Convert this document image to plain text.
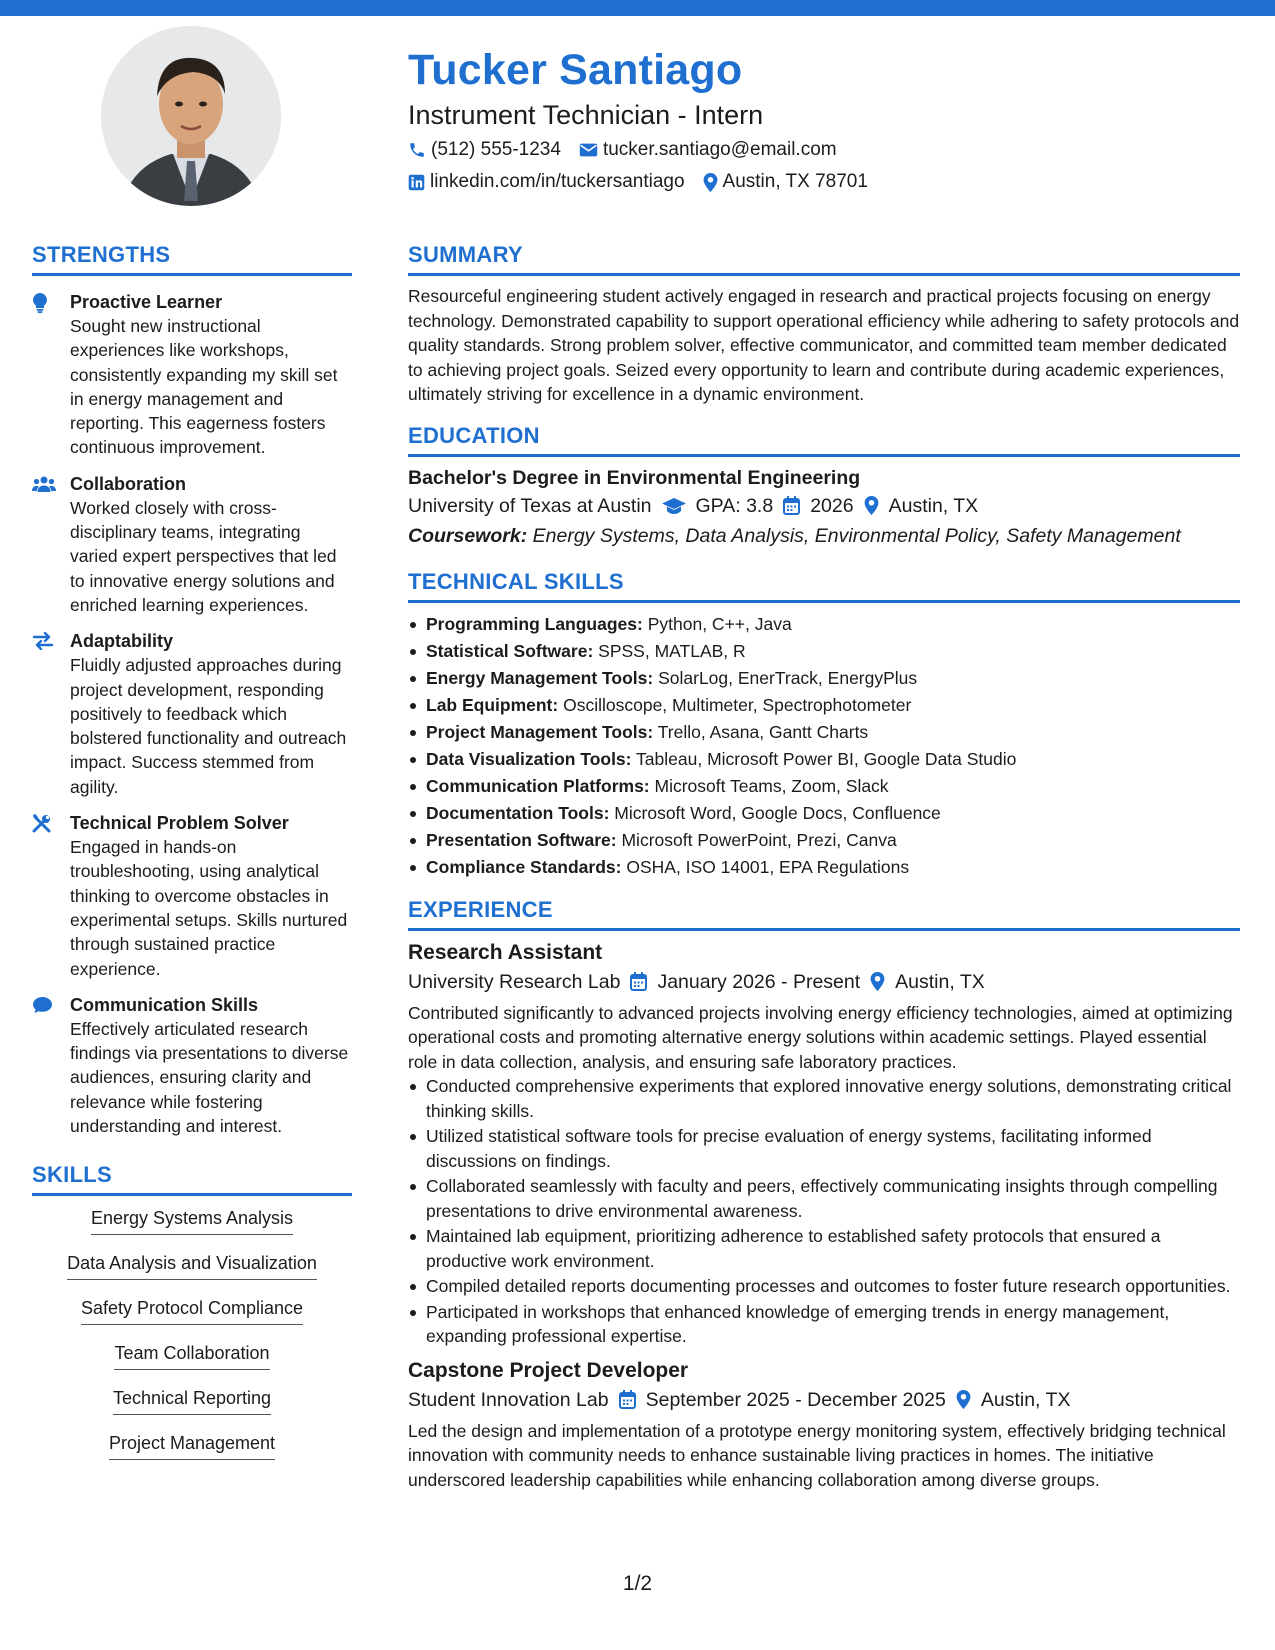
Tucker Santiago
Instrument Technician - Intern
(512) 555-1234 tucker.santiago@email.com
linkedin.com/in/tuckersantiago Austin, TX 78701
STRENGTHS
Proactive Learner
Sought new instructional experiences like workshops, consistently expanding my skill set in energy management and reporting. This eagerness fosters continuous improvement.
Collaboration
Worked closely with cross-disciplinary teams, integrating varied expert perspectives that led to innovative energy solutions and enriched learning experiences.
Adaptability
Fluidly adjusted approaches during project development, responding positively to feedback which bolstered functionality and outreach impact. Success stemmed from agility.
Technical Problem Solver
Engaged in hands-on troubleshooting, using analytical thinking to overcome obstacles in experimental setups. Skills nurtured through sustained practice experience.
Communication Skills
Effectively articulated research findings via presentations to diverse audiences, ensuring clarity and relevance while fostering understanding and interest.
SKILLS
Energy Systems Analysis
Data Analysis and Visualization
Safety Protocol Compliance
Team Collaboration
Technical Reporting
Project Management
SUMMARY
Resourceful engineering student actively engaged in research and practical projects focusing on energy technology. Demonstrated capability to support operational efficiency while adhering to safety protocols and quality standards. Strong problem solver, effective communicator, and committed team member dedicated to achieving project goals. Seized every opportunity to learn and contribute during academic experiences, ultimately striving for excellence in a dynamic environment.
EDUCATION
Bachelor's Degree in Environmental Engineering
University of Texas at Austin GPA: 3.8 2026 Austin, TX
Coursework: Energy Systems, Data Analysis, Environmental Policy, Safety Management
TECHNICAL SKILLS
Programming Languages: Python, C++, Java
Statistical Software: SPSS, MATLAB, R
Energy Management Tools: SolarLog, EnerTrack, EnergyPlus
Lab Equipment: Oscilloscope, Multimeter, Spectrophotometer
Project Management Tools: Trello, Asana, Gantt Charts
Data Visualization Tools: Tableau, Microsoft Power BI, Google Data Studio
Communication Platforms: Microsoft Teams, Zoom, Slack
Documentation Tools: Microsoft Word, Google Docs, Confluence
Presentation Software: Microsoft PowerPoint, Prezi, Canva
Compliance Standards: OSHA, ISO 14001, EPA Regulations
EXPERIENCE
Research Assistant
University Research Lab January 2026 - Present Austin, TX
Contributed significantly to advanced projects involving energy efficiency technologies, aimed at optimizing operational costs and promoting alternative energy solutions within academic settings. Played essential role in data collection, analysis, and ensuring safe laboratory practices.
Conducted comprehensive experiments that explored innovative energy solutions, demonstrating critical thinking skills.
Utilized statistical software tools for precise evaluation of energy systems, facilitating informed discussions on findings.
Collaborated seamlessly with faculty and peers, effectively communicating insights through compelling presentations to drive environmental awareness.
Maintained lab equipment, prioritizing adherence to established safety protocols that ensured a productive work environment.
Compiled detailed reports documenting processes and outcomes to foster future research opportunities.
Participated in workshops that enhanced knowledge of emerging trends in energy management, expanding professional expertise.
Capstone Project Developer
Student Innovation Lab September 2025 - December 2025 Austin, TX
Led the design and implementation of a prototype energy monitoring system, effectively bridging technical innovation with community needs to enhance sustainable living practices in homes. The initiative underscored leadership capabilities while enhancing collaboration among diverse groups.
1/2
